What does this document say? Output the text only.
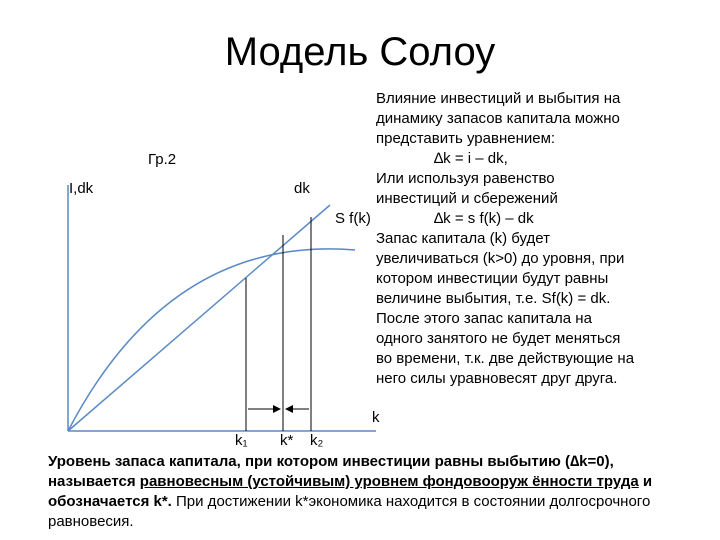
Модель Солоу
Гр.2
I,dk	dk
S f(k)
k
k₁ k* k₂
Влияние инвестиций и выбытия на
динамику запасов капитала можно
представить уравнением:
∆k = i – dk,
Или используя равенство
инвестиций и сбережений
∆k = s f(k) – dk
Запас капитала (k) будет
увеличиваться (k>0) до уровня, при
котором инвестиции будут равны
величине выбытия, т.е. Sf(k) = dk.
После этого запас капитала на
одного занятого не будет меняться
во времени, т.к. две действующие на
него силы уравновесят друг друга.
Уровень запаса капитала, при котором инвестиции равны выбытию (∆k=0), называется равновесным (устойчивым) уровнем фондовооруж ённости труда и обозначается k*. При достижении k*экономика находится в состоянии долгосрочного равновесия.
